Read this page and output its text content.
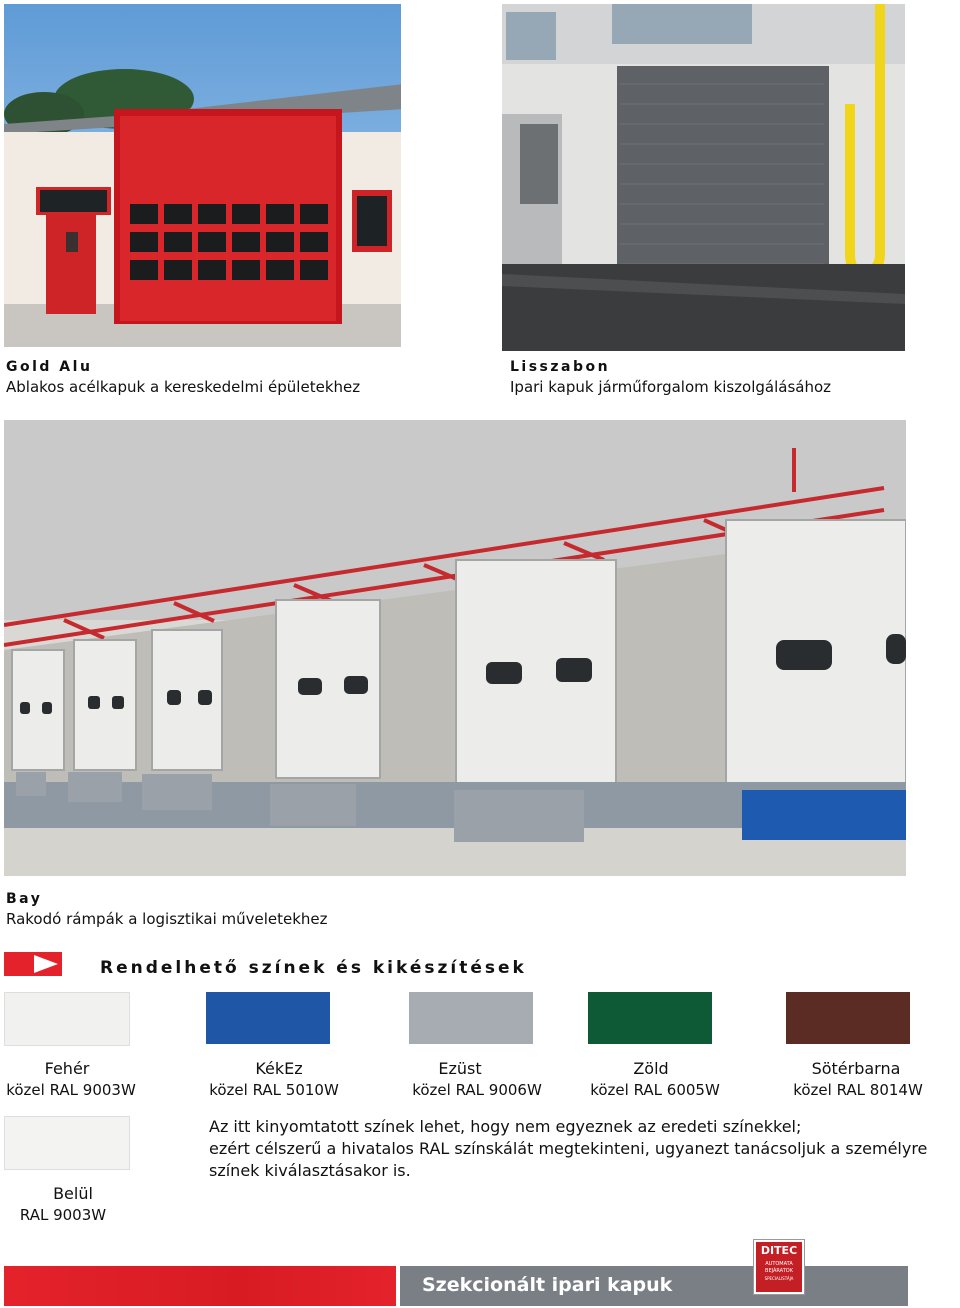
Gold Alu
Ablakos acélkapuk a kereskedelmi épületekhez
Lisszabon
Ipari kapuk járműforgalom kiszolgálásához
Bay
Rakodó rámpák a logisztikai műveletekhez
Rendelhető színek és kikészítések
Fehér
közel RAL 9003W
KékEz
közel RAL 5010W
Ezüst
közel RAL 9006W
Zöld
közel RAL 6005W
Sötérbarna
közel RAL 8014W
Belül
RAL 9003W
Az itt kinyomtatott színek lehet, hogy nem egyeznek az eredeti színekkel;
ezért célszerű a hivatalos RAL színskálát megtekinteni, ugyanezt tanácsoljuk a személyre
színek kiválasztásakor is.
Szekcionált ipari kapuk
DITEC
AUTOMATA
BEJÁRATOK
SPECIALISTÁJA
